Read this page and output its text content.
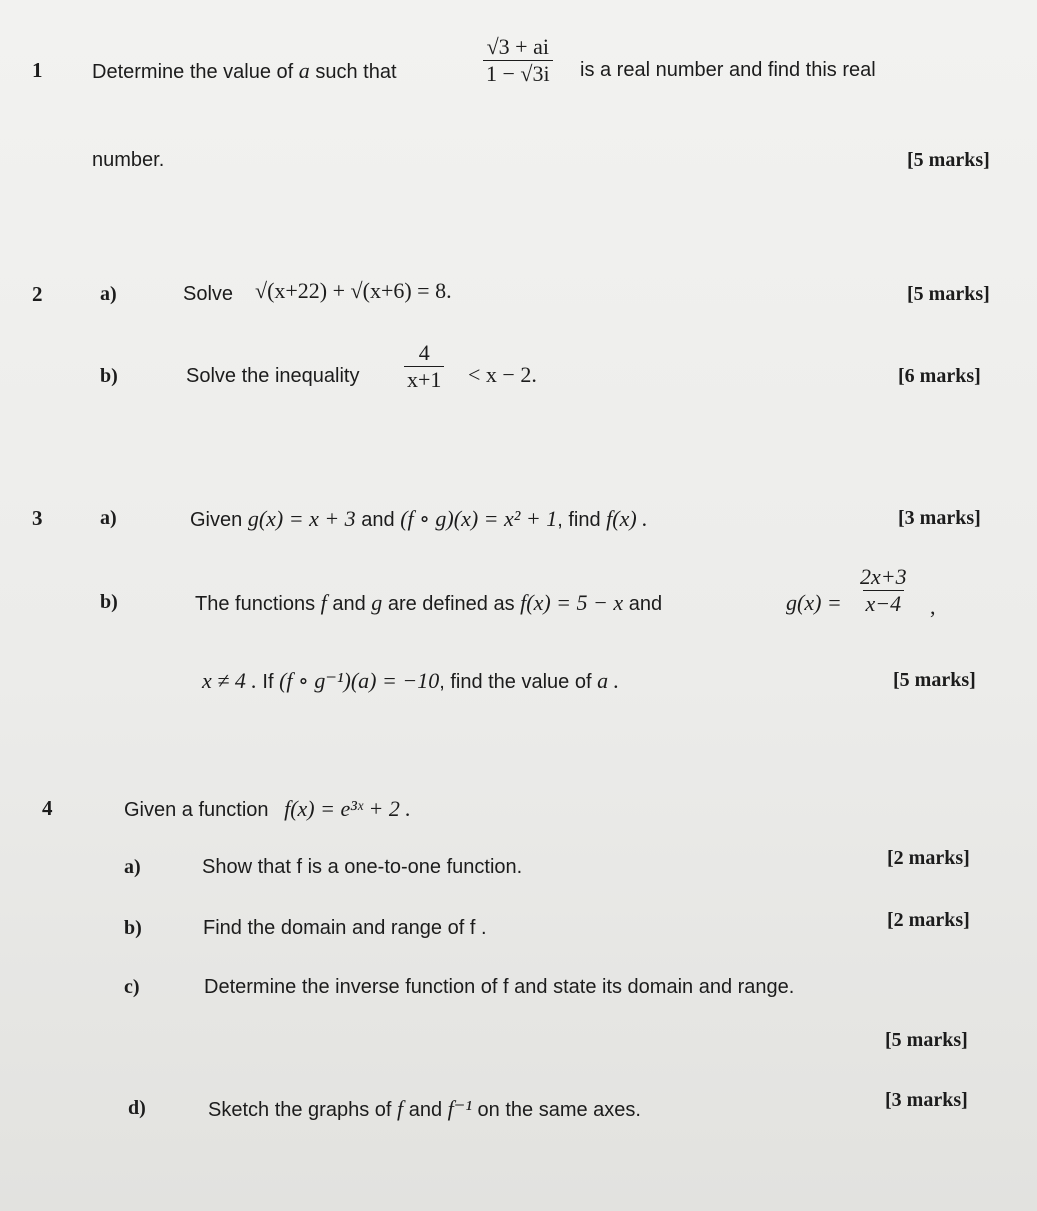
1 Determine the value of a such that	$\frac{√3 + ai}{1 - √3i}$ is a real number and find this real
number.	[5 marks]
2	a)	Solve √(x+22) + √(x+6) = 8.	[5 marks]
b)	Solve the inequality $\frac{4}{x+1} < x - 2$.	[6 marks]
3	a)	Given g(x) = x + 3 and (f ∘ g)(x) = x² + 1, find f(x) .	[3 marks]
b)	The functions f and g are defined as f(x) = 5 − x and	$g(x) = \frac{2x+3}{x-4}$ ,
x ≠ 4 . If (f ∘ g⁻¹)(a) = −10, find the value of a .	[5 marks]
4	Given a function f(x) = e³ˣ + 2 .
a)	Show that f is a one-to-one function.	[2 marks]
b)	Find the domain and range of f .	[2 marks]
c)	Determine the inverse function of f and state its domain and range.
[5 marks]
d)	Sketch the graphs of f and f⁻¹ on the same axes.	[3 marks]
